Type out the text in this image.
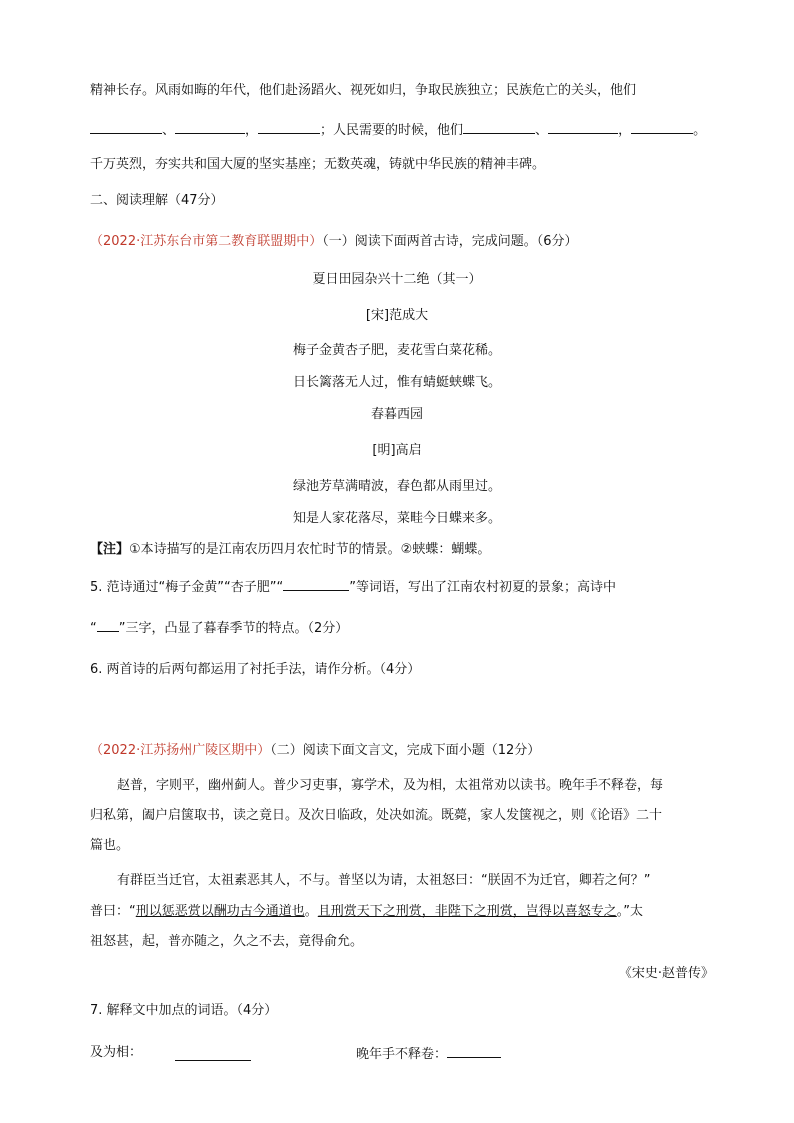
精神长存。风雨如晦的年代，他们赴汤蹈火、视死如归，争取民族独立；民族危亡的关头，他们
、	，	；人民需要的时候，他们	、	，	。
千万英烈，夯实共和国大厦的坚实基座；无数英魂，铸就中华民族的精神丰碑。
二、阅读理解（47分）
（2022·江苏东台市第二教育联盟期中）（一）阅读下面两首古诗，完成问题。（6分）
夏日田园杂兴十二绝（其一）
[宋]范成大
梅子金黄杏子肥，麦花雪白菜花稀。
日长篱落无人过，惟有蜻蜓蛱蝶飞。
春暮西园
[明]高启
绿池芳草满晴波，春色都从雨里过。
知是人家花落尽，菜畦今日蝶来多。
【注】①本诗描写的是江南农历四月农忙时节的情景。②蛱蝶：蝴蝶。
5. 范诗通过“梅子金黄”“杏子肥”“	”等词语，写出了江南农村初夏的景象；高诗中
“ ”三字，凸显了暮春季节的特点。（2分）
6. 两首诗的后两句都运用了衬托手法，请作分析。（4分）
（2022·江苏扬州广陵区期中）（二）阅读下面文言文，完成下面小题（12分）
赵普，字则平，幽州蓟人。普少习吏事，寡学术，及为相，太祖常劝以读书。晚年手不释卷，每
归私第，阖户启箧取书，读之竟日。及次日临政，处决如流。既薨，家人发箧视之，则《论语》二十
篇也。
有群臣当迁官，太祖素恶其人，不与。普坚以为请，太祖怒曰：“朕固不为迁官，卿若之何？”
普曰：“刑以惩恶赏以酬功古今通道也。且刑赏天下之刑赏，非陛下之刑赏，岂得以喜怒专之。”太
祖怒甚，起，普亦随之，久之不去，竟得俞允。
《宋史·赵普传》
7. 解释文中加点的词语。（4分）
及为相：	晚年手不释卷：
